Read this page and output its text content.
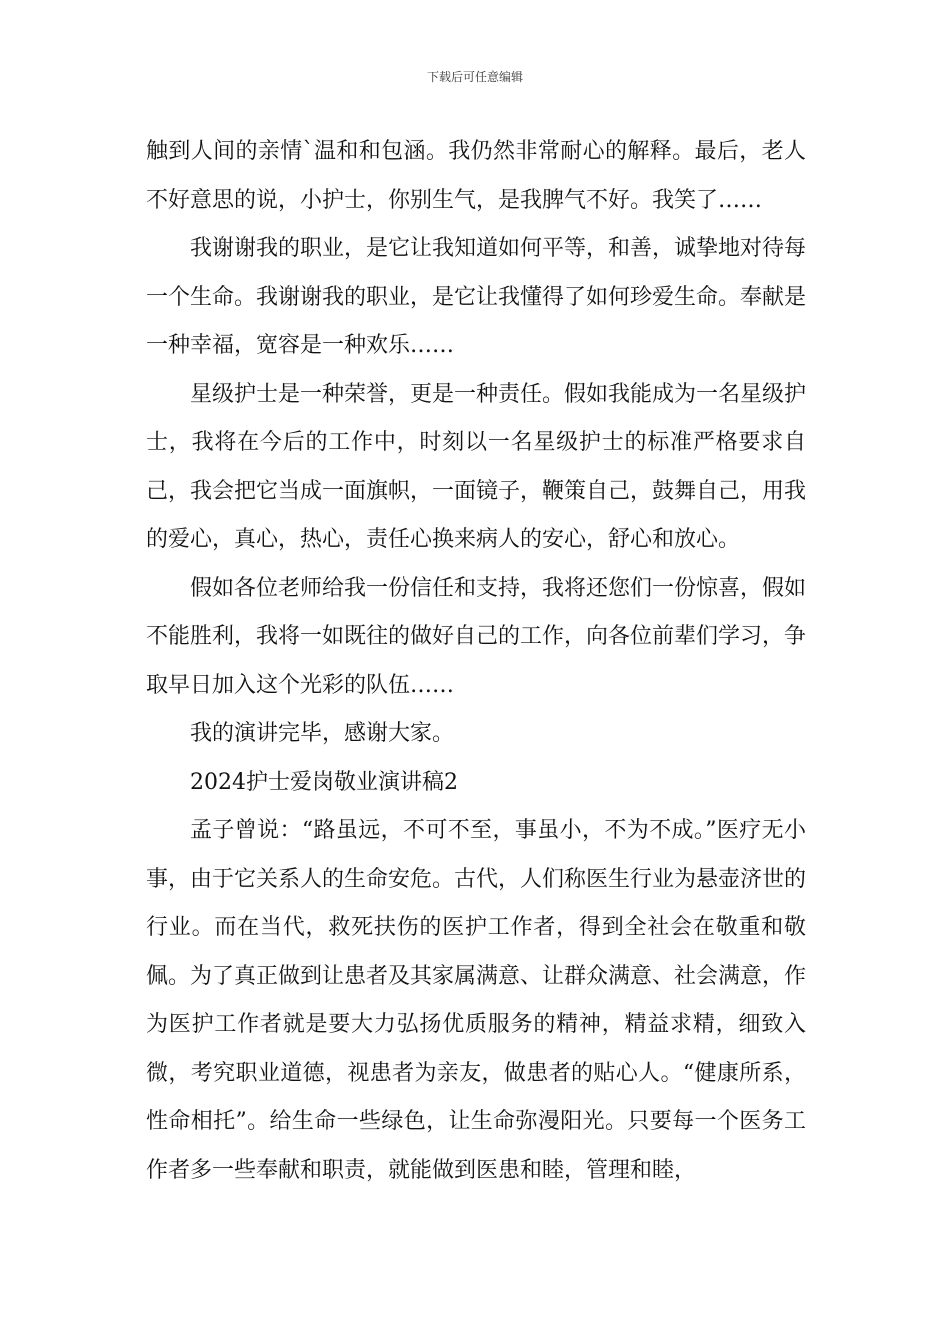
下载后可任意编辑

触到人间的亲情`温和和包涵。我仍然非常耐心的解释。最后，老人不好意思的说，小护士，你别生气，是我脾气不好。我笑了……

我谢谢我的职业，是它让我知道如何平等，和善，诚挚地对待每一个生命。我谢谢我的职业，是它让我懂得了如何珍爱生命。奉献是一种幸福，宽容是一种欢乐……

星级护士是一种荣誉，更是一种责任。假如我能成为一名星级护士，我将在今后的工作中，时刻以一名星级护士的标准严格要求自己，我会把它当成一面旗帜，一面镜子，鞭策自己，鼓舞自己，用我的爱心，真心，热心，责任心换来病人的安心，舒心和放心。

假如各位老师给我一份信任和支持，我将还您们一份惊喜，假如不能胜利，我将一如既往的做好自己的工作，向各位前辈们学习，争取早日加入这个光彩的队伍……

我的演讲完毕，感谢大家。

2024护士爱岗敬业演讲稿2

孟子曾说：“路虽远，不可不至，事虽小，不为不成。”医疗无小事，由于它关系人的生命安危。古代，人们称医生行业为悬壶济世的行业。而在当代，救死扶伤的医护工作者，得到全社会在敬重和敬佩。为了真正做到让患者及其家属满意、让群众满意、社会满意，作为医护工作者就是要大力弘扬优质服务的精神，精益求精，细致入微，考究职业道德，视患者为亲友，做患者的贴心人。“健康所系，性命相托”。给生命一些绿色，让生命弥漫阳光。只要每一个医务工作者多一些奉献和职责，就能做到医患和睦，管理和睦，
